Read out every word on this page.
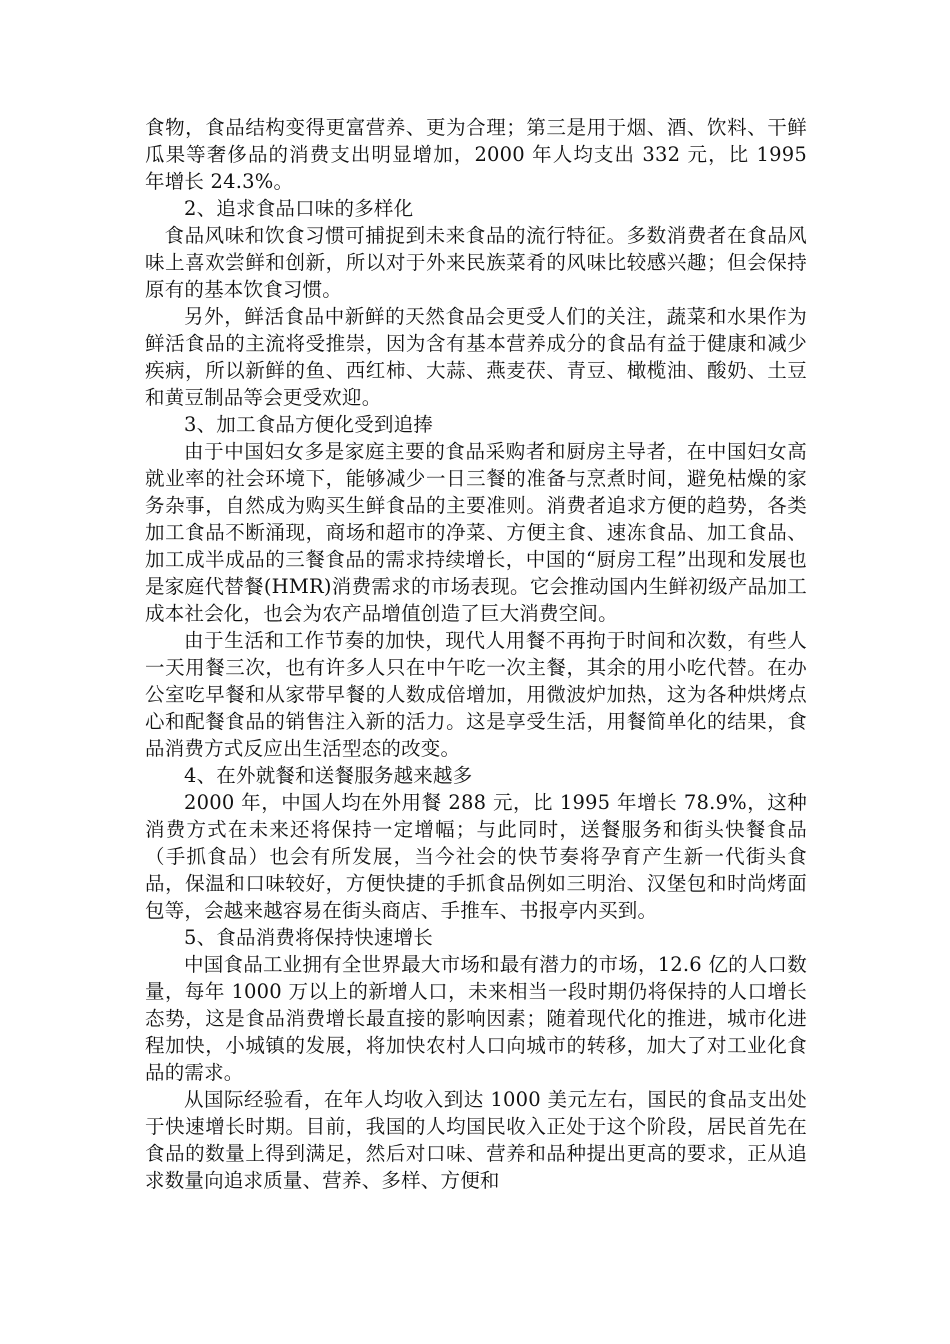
食物，食品结构变得更富营养、更为合理；第三是用于烟、酒、饮料、干鲜瓜果等奢侈品的消费支出明显增加，2000 年人均支出 332 元，比 1995 年增长 24.3%。

2、追求食品口味的多样化

食品风味和饮食习惯可捕捉到未来食品的流行特征。多数消费者在食品风味上喜欢尝鲜和创新，所以对于外来民族菜肴的风味比较感兴趣；但会保持原有的基本饮食习惯。

另外，鲜活食品中新鲜的天然食品会更受人们的关注，蔬菜和水果作为鲜活食品的主流将受推崇，因为含有基本营养成分的食品有益于健康和减少疾病，所以新鲜的鱼、西红柿、大蒜、燕麦茯、青豆、橄榄油、酸奶、土豆和黄豆制品等会更受欢迎。

3、加工食品方便化受到追捧

由于中国妇女多是家庭主要的食品采购者和厨房主导者，在中国妇女高就业率的社会环境下，能够减少一日三餐的准备与烹煮时间，避免枯燥的家务杂事，自然成为购买生鲜食品的主要准则。消费者追求方便的趋势，各类加工食品不断涌现，商场和超市的净菜、方便主食、速冻食品、加工食品、加工成半成品的三餐食品的需求持续增长，中国的“厨房工程”出现和发展也是家庭代替餐(HMR)消费需求的市场表现。它会推动国内生鲜初级产品加工成本社会化，也会为农产品增值创造了巨大消费空间。

由于生活和工作节奏的加快，现代人用餐不再拘于时间和次数，有些人一天用餐三次，也有许多人只在中午吃一次主餐，其余的用小吃代替。在办公室吃早餐和从家带早餐的人数成倍增加，用微波炉加热，这为各种烘烤点心和配餐食品的销售注入新的活力。这是享受生活，用餐简单化的结果，食品消费方式反应出生活型态的改变。

4、在外就餐和送餐服务越来越多

2000 年，中国人均在外用餐 288 元，比 1995 年增长 78.9%，这种消费方式在未来还将保持一定增幅；与此同时，送餐服务和街头快餐食品（手抓食品）也会有所发展，当今社会的快节奏将孕育产生新一代街头食品，保温和口味较好，方便快捷的手抓食品例如三明治、汉堡包和时尚烤面包等，会越来越容易在街头商店、手推车、书报亭内买到。

5、食品消费将保持快速增长

中国食品工业拥有全世界最大市场和最有潜力的市场，12.6 亿的人口数量，每年 1000 万以上的新增人口，未来相当一段时期仍将保持的人口增长态势，这是食品消费增长最直接的影响因素；随着现代化的推进，城市化进程加快，小城镇的发展，将加快农村人口向城市的转移，加大了对工业化食品的需求。

从国际经验看，在年人均收入到达 1000 美元左右，国民的食品支出处于快速增长时期。目前，我国的人均国民收入正处于这个阶段，居民首先在食品的数量上得到满足，然后对口味、营养和品种提出更高的要求，正从追求数量向追求质量、营养、多样、方便和
